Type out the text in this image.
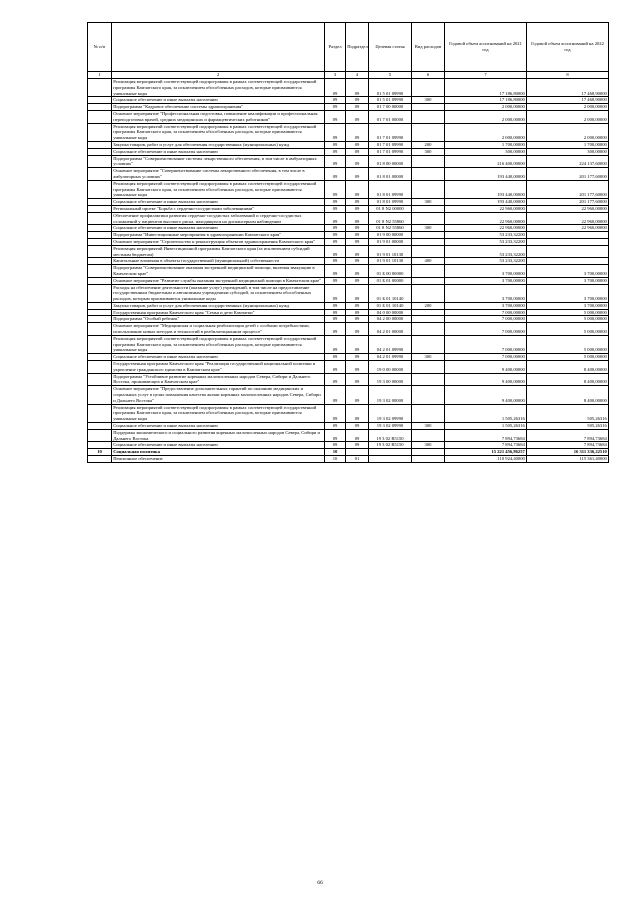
№ п/п		Раздел	Подраздел	Целевая статья	Вид расходов	Годовой объем ассигнований на 2021 год	Годовой объем ассигнований на 2022 год
1	2	3	4	5	6	7	8
	Реализация мероприятий соответствующей подпрограммы в рамках соответствующей государственной программы Камчатского края, за исключением обособленных расходов, которые присваиваются уникальные коды	09	09	01 5 01 09990		17 186,80000	17 468,90000
	Социальное обеспечение и иные выплаты населению	09	09	01 5 01 09990	300	17 186,80000	17 468,90000
	Подпрограмма "Кадровое обеспечение системы здравоохранения"	09	09	01 7 00 00000		2 000,00000	2 000,00000
	Основное мероприятие "Профессиональная подготовка, повышение квалификации и профессиональная переподготовка врачей, средних медицинских и фармацевтических работников"	09	09	01 7 01 00000		2 000,00000	2 000,00000
	Реализация мероприятий соответствующей подпрограммы в рамках соответствующей государственной программы Камчатского края, за исключением обособленных расходов, которые присваиваются уникальные коды	09	09	01 7 01 09990		2 000,00000	2 000,00000
	Закупка товаров, работ и услуг для обеспечения государственных (муниципальных) нужд	09	09	01 7 01 09990	200	1 700,00000	1 700,00000
	Социальное обеспечение и иные выплаты населению	09	09	01 7 01 09990	300	300,00000	300,00000
	Подпрограмма "Совершенствование системы лекарственного обеспечения, в том числе в амбулаторных условиях"	09	09	01 8 00 00000		216 400,00000	224 137,60000
	Основное мероприятие "Совершенствование системы лекарственного обеспечения, в том числе в амбулаторных условиях"	09	09	01 8 01 00000		193 440,00000	201 177,60000
	Реализация мероприятий соответствующей подпрограммы в рамках соответствующей государственной программы Камчатского края, за исключением обособленных расходов, которые присваиваются уникальные коды	09	09	01 8 01 09990		193 440,00000	201 177,60000
	Социальное обеспечение и иные выплаты населению	09	09	01 8 01 09990	300	193 440,00000	201 177,60000
	Региональный проект "Борьба с сердечно-сосудистыми заболеваниями"	09	09	01 8 N2 00000		22 960,00000	22 960,00000
	Обеспечение профилактики развития сердечно-сосудистых заболеваний и сердечно-сосудистых осложнений у пациентов высокого риска, находящихся на диспансерном наблюдении	09	09	01 8 N2 55860		22 960,00000	22 960,00000
	Социальное обеспечение и иные выплаты населению	09	09	01 8 N2 55860	300	22 960,00000	22 960,00000
	Подпрограмма "Инвестиционные мероприятия в здравоохранении Камчатского края"	09	09	01 9 00 00000		53 233,32200	
	Основное мероприятие "Строительство и реконструкция объектов здравоохранения Камчатского края"	09	09	01 9 01 00000		53 233,32200	
	Реализация мероприятий Инвестиционной программы Камчатского края (за исключением субсидий местным бюджетам)	09	09	01 9 01 10130		53 233,32200	
	Капитальные вложения в объекты государственной (муниципальной) собственности	09	09	01 9 01 10130	400	53 233,32200	
	Подпрограмма "Совершенствование оказания экстренной медицинской помощи, включая эвакуацию в Камчатском крае"	09	09	01 Б 00 00000		3 700,00000	3 700,00000
	Основное мероприятие "Развитие службы оказания экстренной медицинской помощи в Камчатском крае"	09	09	01 Б 01 00000		3 700,00000	3 700,00000
	Расходы на обеспечение деятельности (оказание услуг) учреждений, в том числе на предоставление государственным бюджетным и автономным учреждениям субсидий, за исключением обособленных расходов, которым присваиваются уникальные коды	09	09	01 Б 01 10140		3 700,00000	3 700,00000
	Закупка товаров, работ и услуг для обеспечения государственных (муниципальных) нужд	09	09	01 Б 01 10140	200	3 700,00000	3 700,00000
	Государственная программа Камчатского края "Семья и дети Камчатки"	09	09	04 0 00 00000		7 000,00000	5 000,00000
	Подпрограмма "Особый ребенок"	09	09	04 2 00 00000		7 000,00000	5 000,00000
	Основное мероприятие "Медицинская и социальная реабилитация детей с особыми потребностями, использование новых методов и технологий в реабилитационном процессе"	09	09	04 2 01 00000		7 000,00000	5 000,00000
	Реализация мероприятий соответствующей подпрограммы в рамках соответствующей государственной программы Камчатского края, за исключением обособленных расходов, которые присваиваются уникальные коды	09	09	04 2 01 09990		7 000,00000	5 000,00000
	Социальное обеспечение и иные выплаты населению	09	09	04 2 01 09990	300	7 000,00000	5 000,00000
	Государственная программа Камчатского края "Реализация государственной национальной политики и укрепление гражданского единства в Камчатском крае"	09	09	19 0 00 00000		9 400,00000	8 400,00000
	Подпрограмма "Устойчивое развитие коренных малочисленных народов Севера, Сибири и Дальнего Востока, проживающих в Камчатском крае"	09	09	19 3 00 00000		9 400,00000	8 400,00000
	Основное мероприятие "Предоставление дополнительных гарантий по оказанию медицинских и социальных услуг в целях повышения качества жизни коренных малочисленных народов Севера, Сибири и Дальнего Востока"	09	09	19 3 02 00000		9 400,00000	8 400,00000
	Реализация мероприятий соответствующей подпрограммы в рамках соответствующей государственной программы Камчатского края, за исключением обособленных расходов, которые присваиваются уникальные коды	09	09	19 3 02 09990		1 505,26316	505,26316
	Социальное обеспечение и иные выплаты населению	09	09	19 3 02 09990	300	1 505,26316	505,26316
	Поддержка экономического и социального развития коренных малочисленных народов Севера, Сибири и Дальнего Востока	09	09	19 3 02 R5150		7 894,73684	7 894,73684
	Социальное обеспечение и иные выплаты населению	09	09	19 3 02 R5150	300	7 894,73684	7 894,73684
10	Социальная политика	10				15 221 456,86257	16 311 336,22510
	Пенсионное обеспечение	10	01			110 924,40000	115 361,40000
66
